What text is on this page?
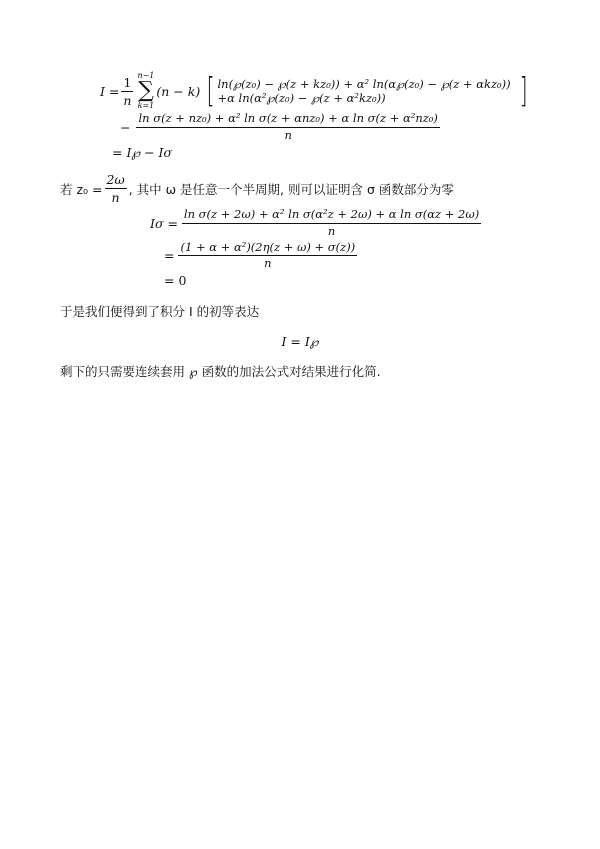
$I = \frac{1}{n} n-1$
∑
k=1
(n − k) [ ln(℘(z₀) − ℘(z + kz₀)) + α² ln(α℘(z₀) − ℘(z + αkz₀))
+α ln(α²℘(z₀) − ℘(z + α²kz₀))	]
− $\frac{\text{ln σ(z + nz₀) + α² ln σ(z + αnz₀) + α ln σ(z + α²nz₀)}}{n}$
= I℘ − Iσ
若 $z_0 = \frac{2\omega}{n}$ , 其中 ω 是任意一个半周期, 则可以证明含 σ 函数部分为零
$I\sigma = \frac{\text{ln σ(z + 2ω) + α² ln σ(α²z + 2ω) + α ln σ(αz + 2ω)}}{n}$
= $\frac{\text{(1 + α + α²)(2η(z + ω) + σ(z))}}{n}$
= 0
于是我们便得到了积分 I 的初等表达
I = I℘
剩下的只需要连续套用 ℘ 函数的加法公式对结果进行化简.
